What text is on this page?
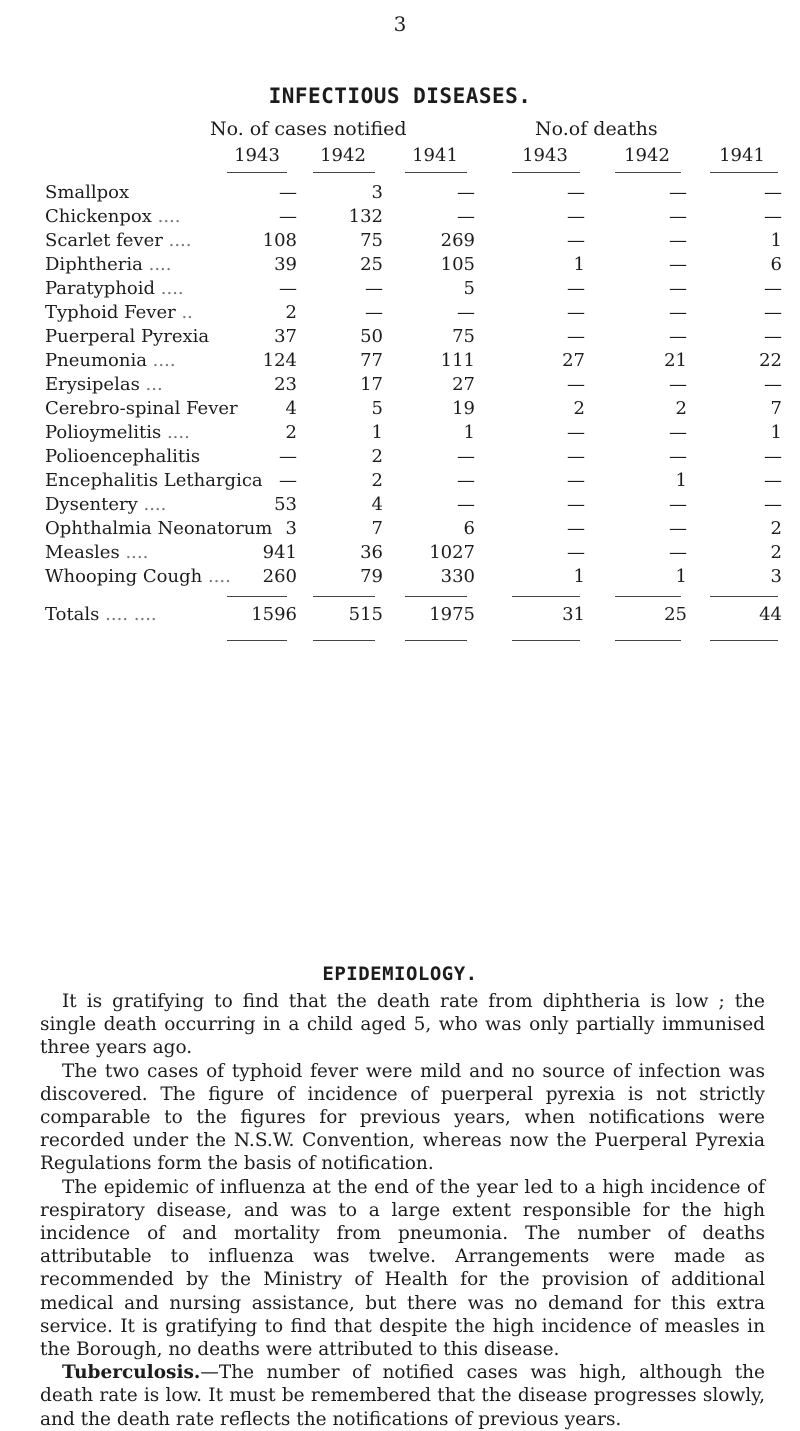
3
INFECTIOUS DISEASES.
No. of cases notified	No.of deaths
1943	1942	1941	1943	1942	1941
Smallpox	—	3	—	—	—	—
Chickenpox ....	—	132	—	—	—	—
Scarlet fever ....	108	75	269	—	—	1
Diphtheria ....	39	25	105	1	—	6
Paratyphoid ....	—	—	5	—	—	—
Typhoid Fever ..	2	—	—	—	—	—
Puerperal Pyrexia	37	50	75	—	—	—
Pneumonia ....	124	77	111	27	21	22
Erysipelas ...	23	17	27	—	—	—
Cerebro-spinal Fever	4	5	19	2	2	7
Polioymelitis ....	2	1	1	—	—	1
Polioencephalitis	—	2	—	—	—	—
Encephalitis Lethargica —	2	—	—	1	—
Dysentery ....	53	4	—	—	—	—
Ophthalmia Neonatorum 3	7	6	—	—	2
Measles ....	941	36	1027	—	—	2
Whooping Cough ....	260	79	330	1	1	3
Totals .... ....	1596	515	1975	31	25	44
EPIDEMIOLOGY.

It is gratifying to find that the death rate from diphtheria is low ; the single death occurring in a child aged 5, who was only partially immunised three years ago.

The two cases of typhoid fever were mild and no source of infection was discovered. The figure of incidence of puerperal pyrexia is not strictly comparable to the figures for previous years, when notifications were recorded under the N.S.W. Convention, whereas now the Puerperal Pyrexia Regulations form the basis of notification.

The epidemic of influenza at the end of the year led to a high incidence of respiratory disease, and was to a large extent responsible for the high incidence of and mortality from pneumonia. The number of deaths attributable to influenza was twelve. Arrangements were made as recommended by the Ministry of Health for the provision of additional medical and nursing assistance, but there was no demand for this extra service. It is gratifying to find that despite the high incidence of measles in the Borough, no deaths were attributed to this disease.

Tuberculosis.—The number of notified cases was high, although the death rate is low. It must be remembered that the disease progresses slowly, and the death rate reflects the notifications of previous years.
